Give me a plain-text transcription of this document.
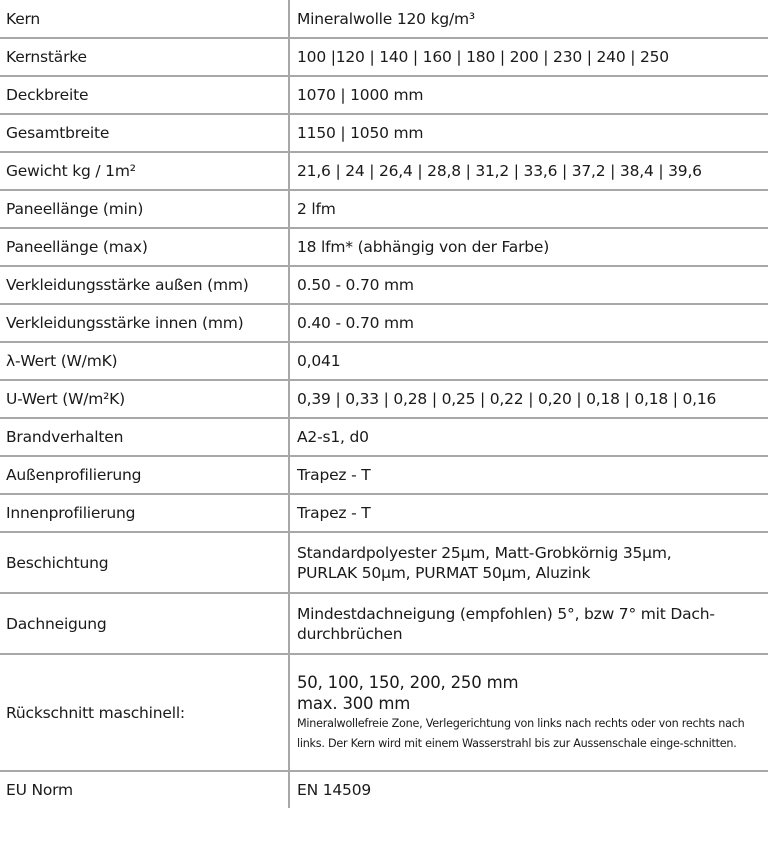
Kern	Mineralwolle 120 kg/m³
Kernstärke	100 |120 | 140 | 160 | 180 | 200 | 230 | 240 | 250
Deckbreite	1070 | 1000 mm
Gesamtbreite	1150 | 1050 mm
Gewicht kg / 1m²	21,6 | 24 | 26,4 | 28,8 | 31,2 | 33,6 | 37,2 | 38,4 | 39,6
Paneellänge (min)	2 lfm
Paneellänge (max)	18 lfm* (abhängig von der Farbe)
Verkleidungsstärke außen (mm)	0.50 - 0.70 mm
Verkleidungsstärke innen (mm)	0.40 - 0.70 mm
λ-Wert (W/mK)	0,041
U-Wert (W/m²K)	0,39 | 0,33 | 0,28 | 0,25 | 0,22 | 0,20 | 0,18 | 0,18 | 0,16
Brandverhalten	A2-s1, d0
Außenprofilierung	Trapez - T
Innenprofilierung	Trapez - T
Beschichtung	Standardpolyester 25µm, Matt-Grobkörnig 35µm,
PURLAK 50µm, PURMAT 50µm, Aluzink

Dachneigung	Mindestdachneigung (empfohlen) 5°, bzw 7° mit Dach-
durchbrüchen

Rückschnitt maschinell:	50, 100, 150, 200, 250 mm
max. 300 mm
Mineralwollefreie Zone, Verlegerichtung von links nach rechts oder von rechts nach links. Der Kern wird mit einem Wasserstrahl bis zur Aussenschale einge-schnitten.

EU Norm	EN 14509
